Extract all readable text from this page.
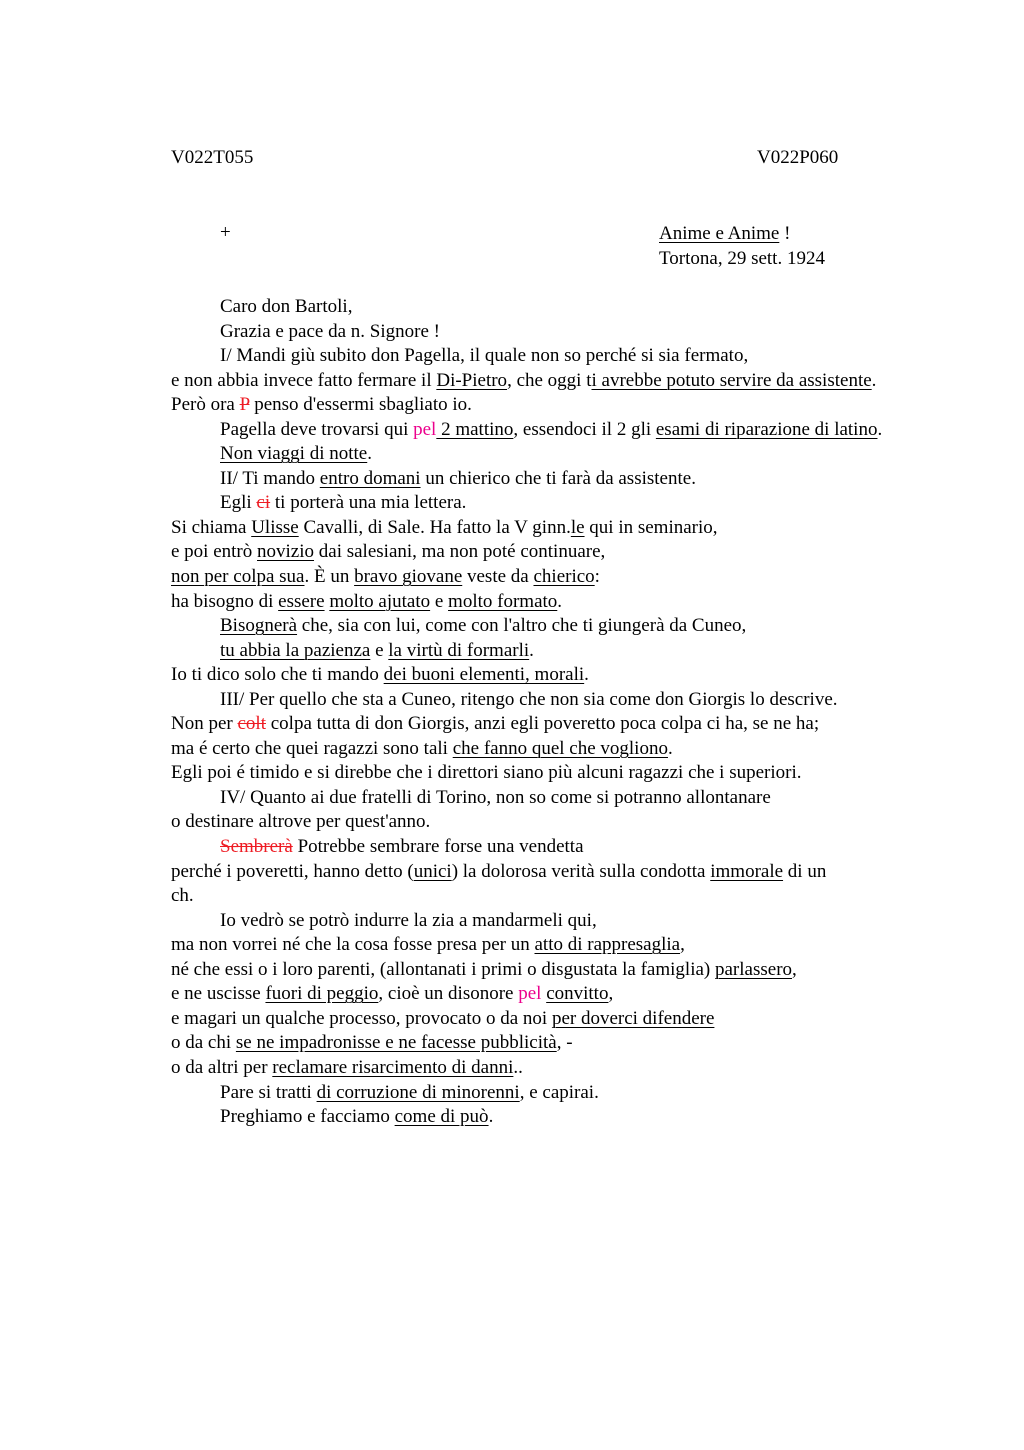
V022T055	V022P060
+	Anime e Anime !
Tortona, 29 sett. 1924
Caro don Bartoli,
Grazia e pace da n. Signore !
I/ Mandi giù subito don Pagella, il quale non so perché si sia fermato,
e non abbia invece fatto fermare il Di-Pietro, che oggi ti avrebbe potuto servire da assistente.
Però ora P penso d'essermi sbagliato io.
Pagella deve trovarsi qui pel 2 mattino, essendoci il 2 gli esami di riparazione di latino.
Non viaggi di notte.
II/ Ti mando entro domani un chierico che ti farà da assistente.
Egli ci ti porterà una mia lettera.
Si chiama Ulisse Cavalli, di Sale. Ha fatto la V ginn.le qui in seminario,
e poi entrò novizio dai salesiani, ma non poté continuare,
non per colpa sua. È un bravo giovane veste da chierico:
ha bisogno di essere molto ajutato e molto formato.
Bisognerà che, sia con lui, come con l'altro che ti giungerà da Cuneo,
tu abbia la pazienza e la virtù di formarli.
Io ti dico solo che ti mando dei buoni elementi, morali.
III/ Per quello che sta a Cuneo, ritengo che non sia come don Giorgis lo descrive.
Non per colt colpa tutta di don Giorgis, anzi egli poveretto poca colpa ci ha, se ne ha;
ma é certo che quei ragazzi sono tali che fanno quel che vogliono.
Egli poi é timido e si direbbe che i direttori siano più alcuni ragazzi che i superiori.
IV/ Quanto ai due fratelli di Torino, non so come si potranno allontanare
o destinare altrove per quest'anno.
Sembrerà Potrebbe sembrare forse una vendetta
perché i poveretti, hanno detto (unici) la dolorosa verità sulla condotta immorale di un
ch.
Io vedrò se potrò indurre la zia a mandarmeli qui,
ma non vorrei né che la cosa fosse presa per un atto di rappresaglia,
né che essi o i loro parenti, (allontanati i primi o disgustata la famiglia) parlassero,
e ne uscisse fuori di peggio, cioè un disonore pel convitto,
e magari un qualche processo, provocato o da noi per doverci difendere
o da chi se ne impadronisse e ne facesse pubblicità, -
o da altri per reclamare risarcimento di danni..
Pare si tratti di corruzione di minorenni, e capirai.
Preghiamo e facciamo come di può.
